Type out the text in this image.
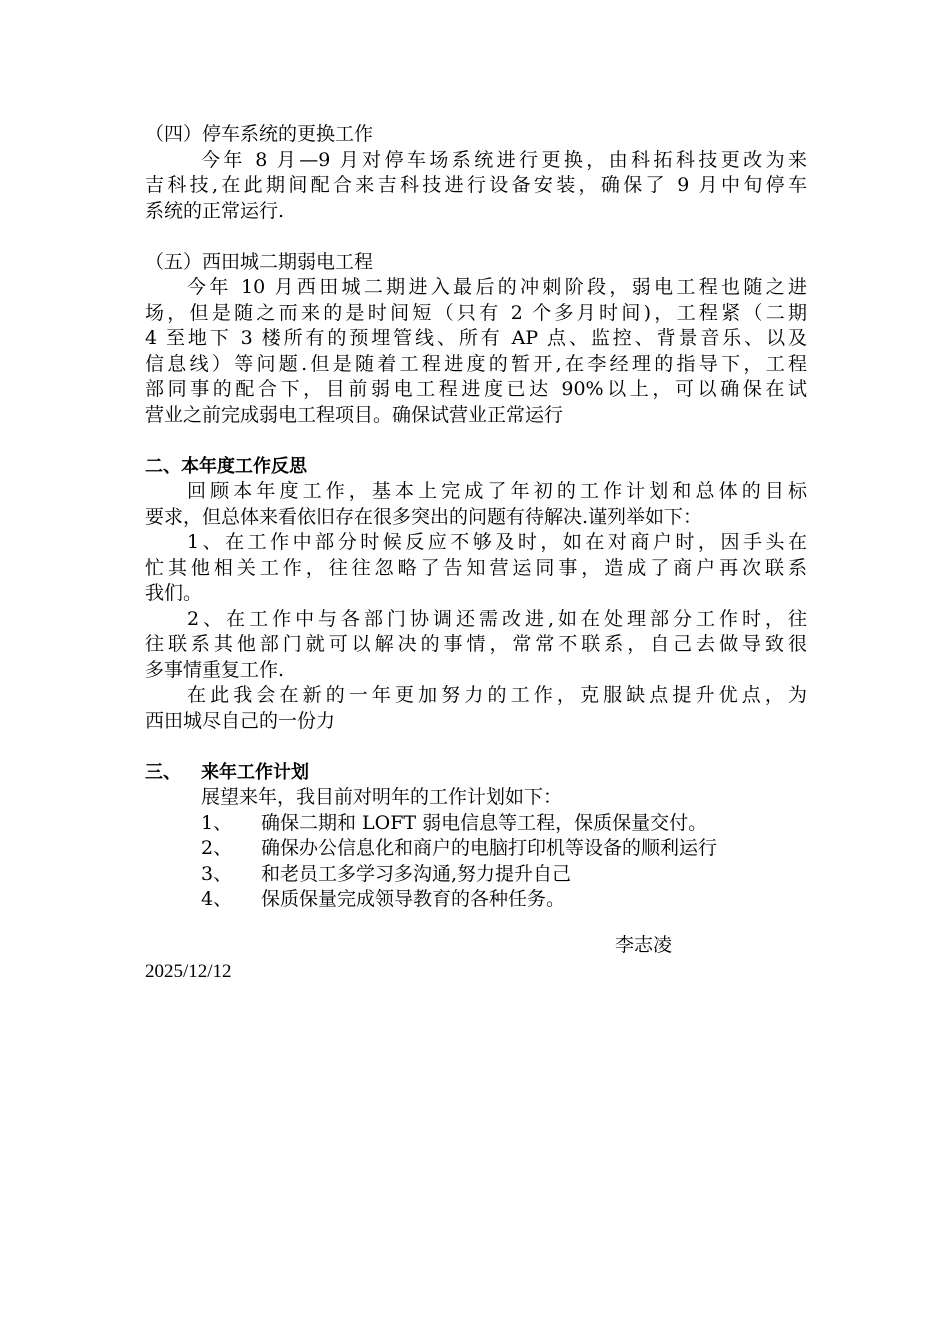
（四）停车系统的更换工作
今年 8 月—9 月对停车场系统进行更换，由科拓科技更改为来
吉科技,在此期间配合来吉科技进行设备安装，确保了 9 月中旬停车
系统的正常运行.
（五）西田城二期弱电工程
今年 10 月西田城二期进入最后的冲刺阶段，弱电工程也随之进
场，但是随之而来的是时间短（只有 2 个多月时间)，工程紧（二期
4 至地下 3 楼所有的预埋管线、所有 AP 点、监控、背景音乐、以及
信息线）等问题.但是随着工程进度的暂开,在李经理的指导下，工程
部同事的配合下，目前弱电工程进度已达 90%以上，可以确保在试
营业之前完成弱电工程项目。确保试营业正常运行
二、本年度工作反思
回顾本年度工作，基本上完成了年初的工作计划和总体的目标
要求，但总体来看依旧存在很多突出的问题有待解决.谨列举如下：
1、在工作中部分时候反应不够及时，如在对商户时，因手头在
忙其他相关工作，往往忽略了告知营运同事，造成了商户再次联系
我们。
2、在工作中与各部门协调还需改进,如在处理部分工作时，往
往联系其他部门就可以解决的事情，常常不联系，自己去做导致很
多事情重复工作.
在此我会在新的一年更加努力的工作，克服缺点提升优点，为
西田城尽自己的一份力
三、 来年工作计划
展望来年，我目前对明年的工作计划如下：
1、 确保二期和 LOFT 弱电信息等工程，保质保量交付。
2、 确保办公信息化和商户的电脑打印机等设备的顺利运行
3、 和老员工多学习多沟通,努力提升自己
4、 保质保量完成领导教育的各种任务。
李志凌
2025/12/12
